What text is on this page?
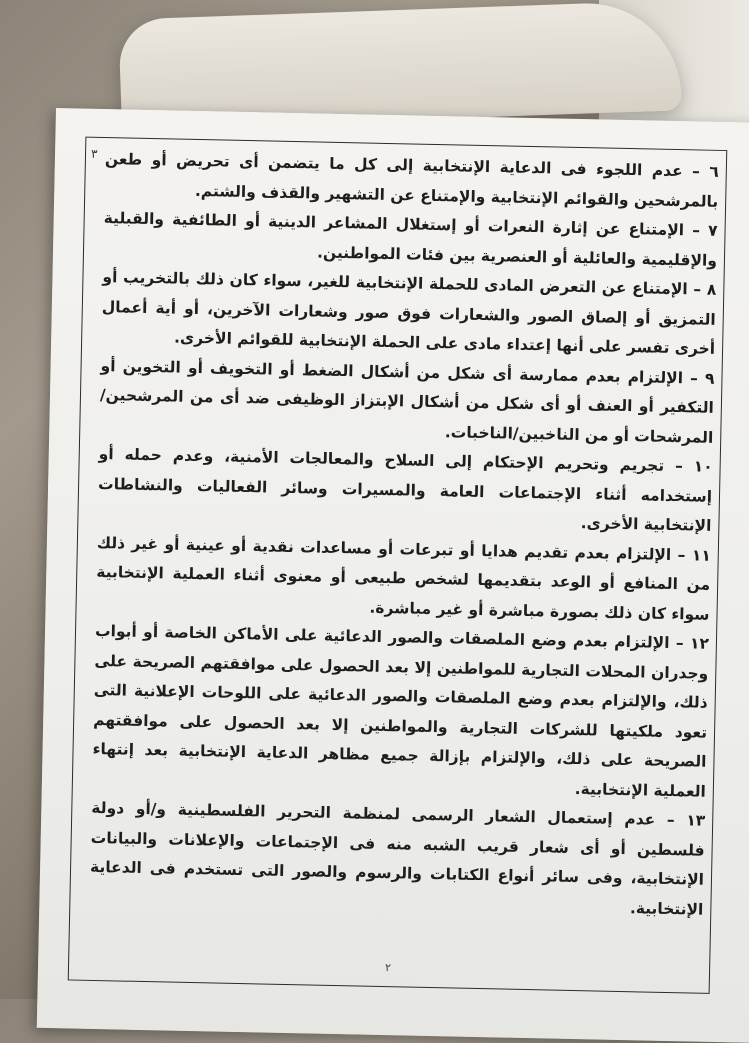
٣ ٦ – عدم اللجوء فى الدعاية الإنتخابية إلى كل ما يتضمن أى تحريض أو طعن بالمرشحين والقوائم الإنتخابية والإمتناع عن التشهير والقذف والشتم.

٧ – الإمتناع عن إثارة النعرات أو إستغلال المشاعر الدينية أو الطائفية والقبلية والإقليمية والعائلية أو العنصرية بين فئات المواطنين.

٨ – الإمتناع عن التعرض المادى للحملة الإنتخابية للغير، سواء كان ذلك بالتخريب أو التمزيق أو إلصاق الصور والشعارات فوق صور وشعارات الآخرين، أو أية أعمال أخرى تفسر على أنها إعتداء مادى على الحملة الإنتخابية للقوائم الأخرى.

٩ – الإلتزام بعدم ممارسة أى شكل من أشكال الضغط أو التخويف أو التخوين أو التكفير أو العنف أو أى شكل من أشكال الإبتزاز الوظيفى ضد أى من المرشحين/المرشحات أو من الناخبين/الناخبات.

١٠ – تجريم وتحريم الإحتكام إلى السلاح والمعالجات الأمنية، وعدم حمله أو إستخدامه أثناء الإجتماعات العامة والمسيرات وسائر الفعاليات والنشاطات الإنتخابية الأخرى.

١١ – الإلتزام بعدم تقديم هدايا أو تبرعات أو مساعدات نقدية أو عينية أو غير ذلك من المنافع أو الوعد بتقديمها لشخص طبيعى أو معنوى أثناء العملية الإنتخابية سواء كان ذلك بصورة مباشرة أو غير مباشرة.

١٢ – الإلتزام بعدم وضع الملصقات والصور الدعائية على الأماكن الخاصة أو أبواب وجدران المحلات التجارية للمواطنين إلا بعد الحصول على موافقتهم الصريحة على ذلك، والإلتزام بعدم وضع الملصقات والصور الدعائية على اللوحات الإعلانية التى تعود ملكيتها للشركات التجارية والمواطنين إلا بعد الحصول على موافقتهم الصريحة على ذلك، والإلتزام بإزالة جميع مظاهر الدعاية الإنتخابية بعد إنتهاء العملية الإنتخابية.

١٣ – عدم إستعمال الشعار الرسمى لمنظمة التحرير الفلسطينية و/أو دولة فلسطين أو أى شعار قريب الشبه منه فى الإجتماعات والإعلانات والبيانات الإنتخابية، وفى سائر أنواع الكتابات والرسوم والصور التى تستخدم فى الدعاية الإنتخابية.

٢
